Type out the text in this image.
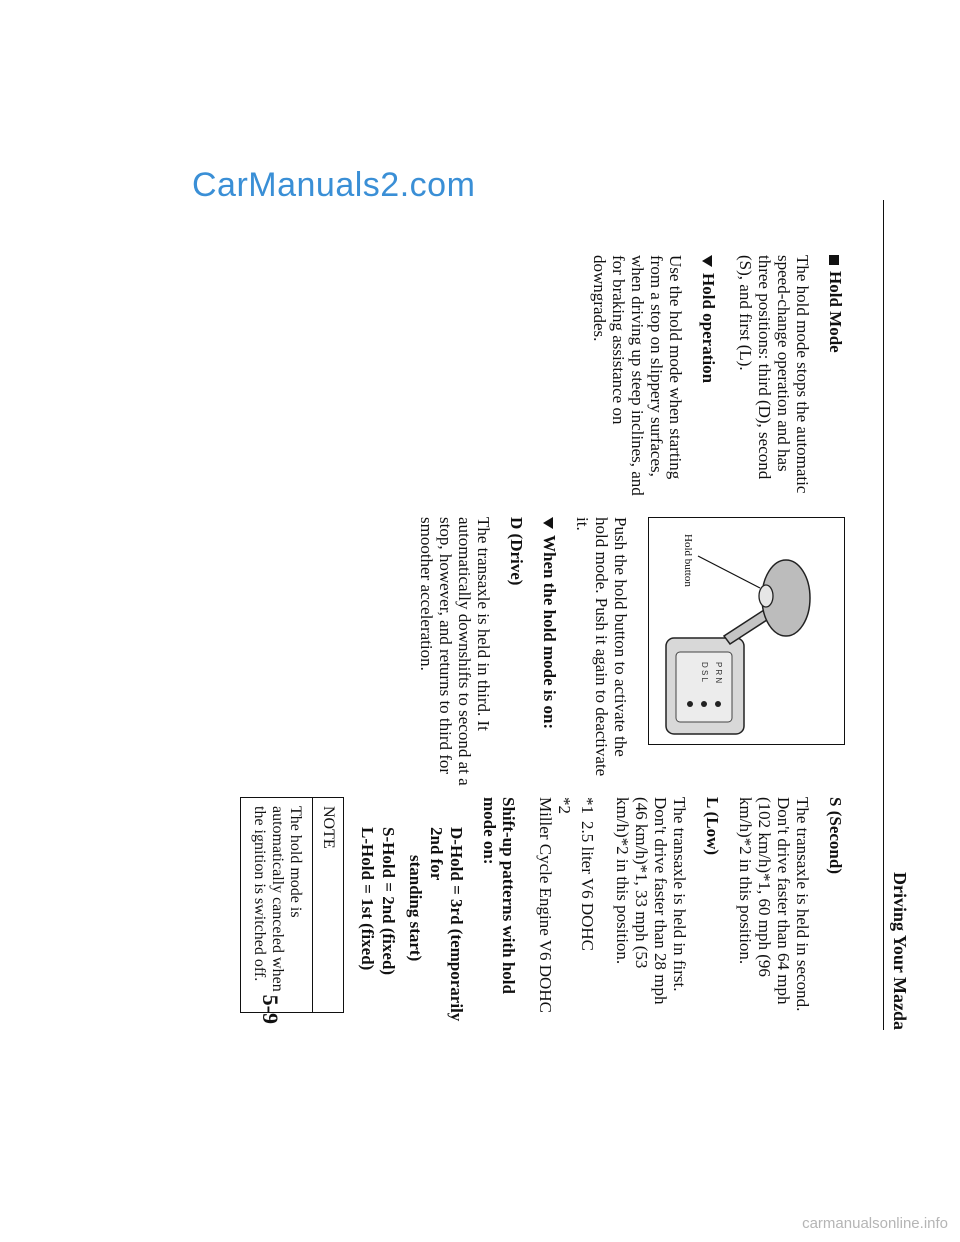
CarManuals2.com
carmanualsonline.info
Driving Your Mazda
Hold Mode

The hold mode stops the automatic speed-change operation and has three positions: third (D), second (S), and first (L).

Hold operation

Use the hold mode when starting from a stop on slippery surfaces, when driving up steep inclines, and for braking assistance on downgrades.

P R N
D S L
Hold button

Push the hold button to activate the hold mode. Push it again to deactivate it.

When the hold mode is on:
D (Drive)

The transaxle is held in third. It automatically downshifts to second at a stop, however, and returns to third for smoother acceleration.

S (Second)

The transaxle is held in second. Don't drive faster than 64 mph (102 km/h)*1, 60 mph (96 km/h)*2 in this position.

L (Low)

The transaxle is held in first. Don't drive faster than 28 mph (46 km/h)*1, 33 mph (53 km/h)*2 in this position.

*12.5 liter V6 DOHC
*2Miller Cycle Engine V6 DOHC
Shift-up patterns with hold mode on:
D-Hold = 3rd (temporarily 2nd for
standing start)
S-Hold = 2nd (fixed)
L-Hold = 1st (fixed)
NOTE
The hold mode is automatically canceled when the ignition is switched off.
5-9
